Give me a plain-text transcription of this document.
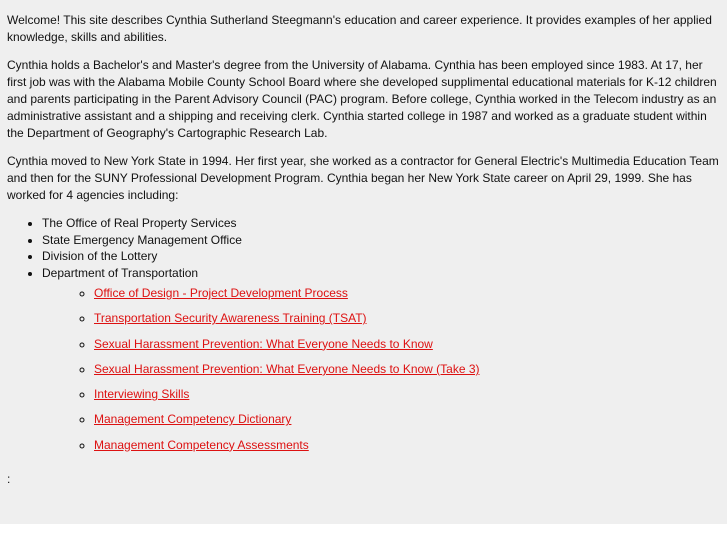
Welcome! This site describes Cynthia Sutherland Steegmann's education and career experience. It provides examples of her applied knowledge, skills and abilities.

Cynthia holds a Bachelor's and Master's degree from the University of Alabama. Cynthia has been employed since 1983. At 17, her first job was with the Alabama Mobile County School Board where she developed supplimental educational materials for K-12 children and parents participating in the Parent Advisory Council (PAC) program. Before college, Cynthia worked in the Telecom industry as an administrative assistant and a shipping and receiving clerk. Cynthia started college in 1987 and worked as a graduate student within the Department of Geography's Cartographic Research Lab.

Cynthia moved to New York State in 1994. Her first year, she worked as a contractor for General Electric's Multimedia Education Team and then for the SUNY Professional Development Program. Cynthia began her New York State career on April 29, 1999. She has worked for 4 agencies including:

• The Office of Real Property Services
• State Emergency Management Office
• Division of the Lottery
• Department of Transportation
◦ Office of Design - Project Development Process
◦ Transportation Security Awareness Training (TSAT)
◦ Sexual Harassment Prevention: What Everyone Needs to Know
◦ Sexual Harassment Prevention: What Everyone Needs to Know (Take 3)
◦ Interviewing Skills
◦ Management Competency Dictionary
◦ Management Competency Assessments
:
